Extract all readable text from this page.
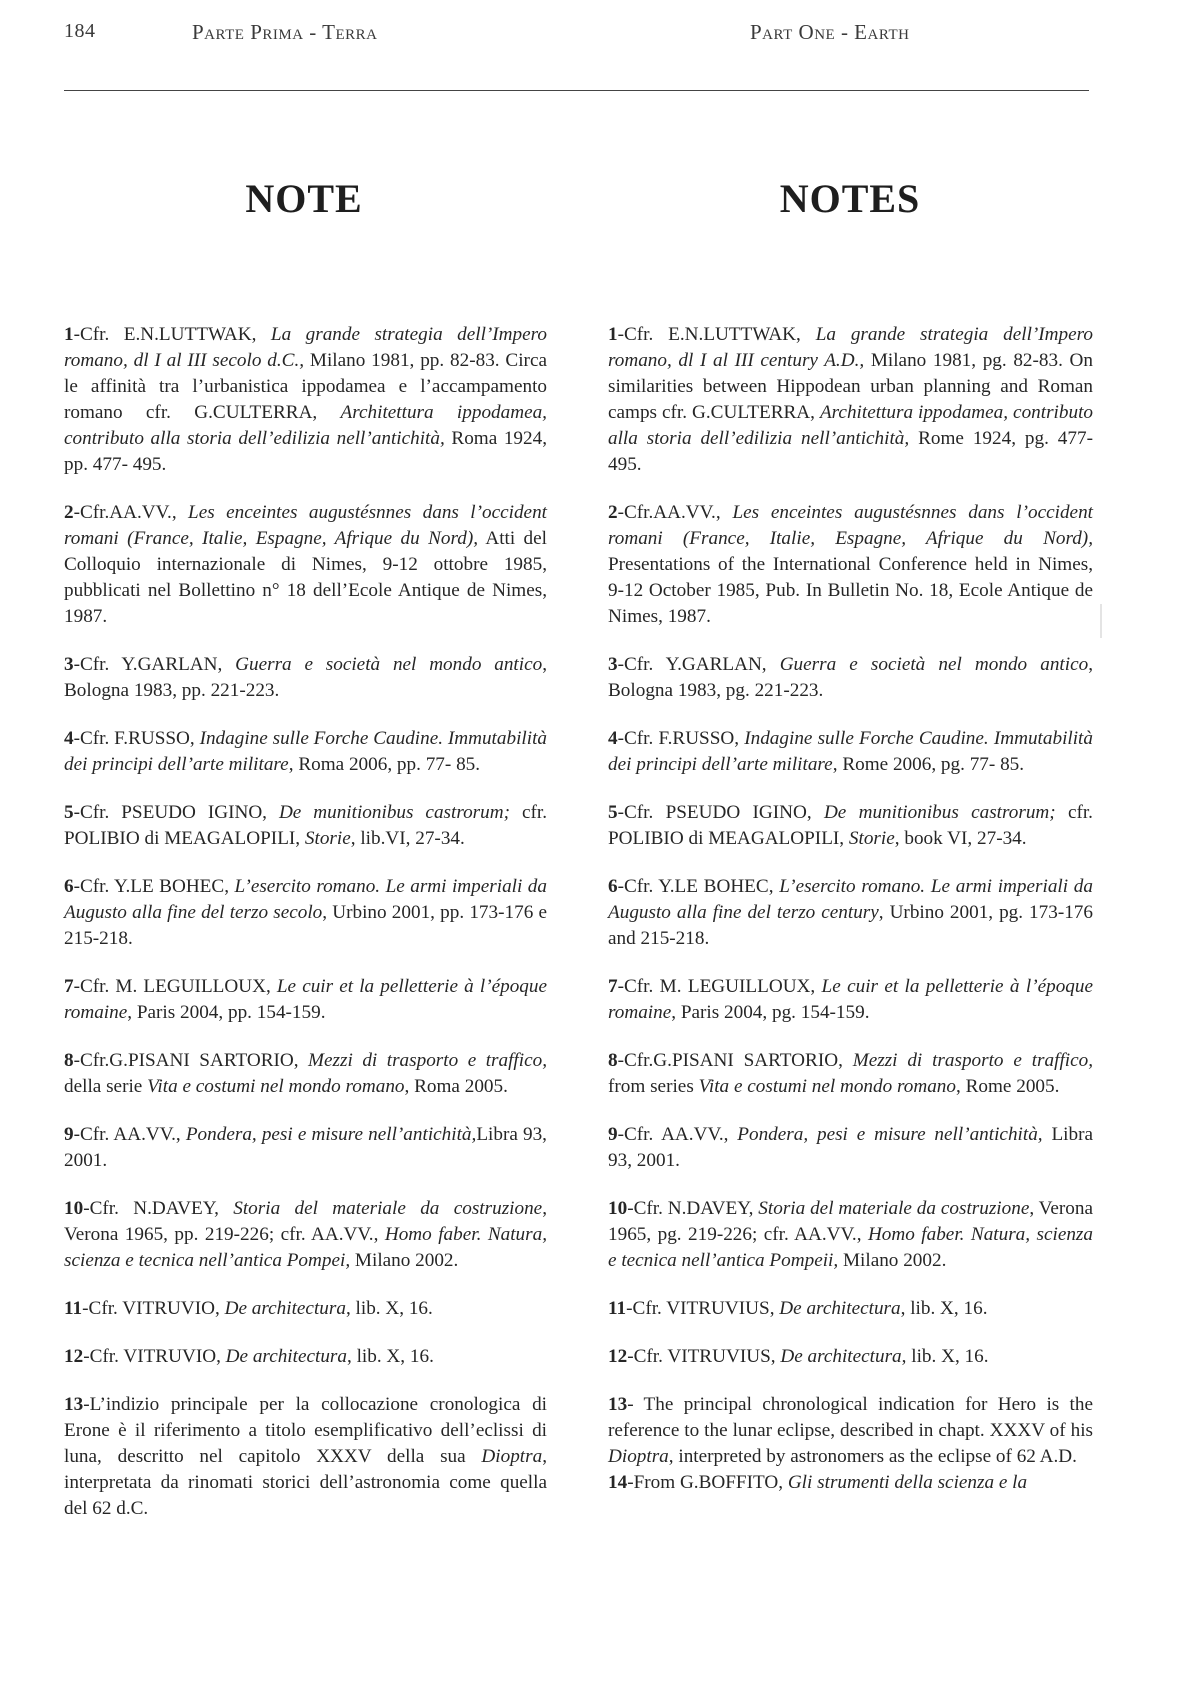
184	Parte Prima - Terra	Part One - Earth
NOTE	NOTES

1-Cfr. E.N.LUTTWAK, La grande strategia dell’Impero romano, dl I al III secolo d.C., Milano 1981, pp. 82-83. Circa le affinità tra l’urbanistica ippodamea e l’accampamento romano cfr. G.CULTERRA, Architettura ippodamea, contributo alla storia dell’edilizia nell’antichità, Roma 1924, pp. 477- 495.

2-Cfr.AA.VV., Les enceintes augustésnnes dans l’occident romani (France, Italie, Espagne, Afrique du Nord), Atti del Colloquio internazionale di Nimes, 9-12 ottobre 1985, pubblicati nel Bollettino n° 18 dell’Ecole Antique de Nimes, 1987.

3-Cfr. Y.GARLAN, Guerra e società nel mondo antico, Bologna 1983, pp. 221-223.

4-Cfr. F.RUSSO, Indagine sulle Forche Caudine. Immutabilità dei principi dell’arte militare, Roma 2006, pp. 77- 85.

5-Cfr. PSEUDO IGINO, De munitionibus castrorum; cfr. POLIBIO di MEAGALOPILI, Storie, lib.VI, 27-34.

6-Cfr. Y.LE BOHEC, L’esercito romano. Le armi imperiali da Augusto alla fine del terzo secolo, Urbino 2001, pp. 173-176 e 215-218.

7-Cfr. M. LEGUILLOUX, Le cuir et la pelletterie à l’époque romaine, Paris 2004, pp. 154-159.

8-Cfr.G.PISANI SARTORIO, Mezzi di trasporto e traffico, della serie Vita e costumi nel mondo romano, Roma 2005.

9-Cfr. AA.VV., Pondera, pesi e misure nell’antichità,Libra 93, 2001.

10-Cfr. N.DAVEY, Storia del materiale da costruzione, Verona 1965, pp. 219-226; cfr. AA.VV., Homo faber. Natura, scienza e tecnica nell’antica Pompei, Milano 2002.

11-Cfr. VITRUVIO, De architectura, lib. X, 16.

12-Cfr. VITRUVIO, De architectura, lib. X, 16.

13-L’indizio principale per la collocazione cronologica di Erone è il riferimento a titolo esemplificativo dell’eclissi di luna, descritto nel capitolo XXXV della sua Dioptra, interpretata da rinomati storici dell’astronomia come quella del 62 d.C.

1-Cfr. E.N.LUTTWAK, La grande strategia dell’Impero romano, dl I al III century A.D., Milano 1981, pg. 82-83. On similarities between Hippodean urban planning and Roman camps cfr. G.CULTERRA, Architettura ippodamea, contributo alla storia dell’edilizia nell’antichità, Rome 1924, pg. 477- 495.

2-Cfr.AA.VV., Les enceintes augustésnnes dans l’occident romani (France, Italie, Espagne, Afrique du Nord), Presentations of the International Conference held in Nimes, 9-12 October 1985, Pub. In Bulletin No. 18, Ecole Antique de Nimes, 1987.

3-Cfr. Y.GARLAN, Guerra e società nel mondo antico, Bologna 1983, pg. 221-223.

4-Cfr. F.RUSSO, Indagine sulle Forche Caudine. Immutabilità dei principi dell’arte militare, Rome 2006, pg. 77- 85.

5-Cfr. PSEUDO IGINO, De munitionibus castrorum; cfr. POLIBIO di MEAGALOPILI, Storie, book VI, 27-34.

6-Cfr. Y.LE BOHEC, L’esercito romano. Le armi imperiali da Augusto alla fine del terzo century, Urbino 2001, pg. 173-176 and 215-218.

7-Cfr. M. LEGUILLOUX, Le cuir et la pelletterie à l’époque romaine, Paris 2004, pg. 154-159.

8-Cfr.G.PISANI SARTORIO, Mezzi di trasporto e traffico, from series Vita e costumi nel mondo romano, Rome 2005.

9-Cfr. AA.VV., Pondera, pesi e misure nell’antichità, Libra 93, 2001.

10-Cfr. N.DAVEY, Storia del materiale da costruzione, Verona 1965, pg. 219-226; cfr. AA.VV., Homo faber. Natura, scienza e tecnica nell’antica Pompeii, Milano 2002.

11-Cfr. VITRUVIUS, De architectura, lib. X, 16.

12-Cfr. VITRUVIUS, De architectura, lib. X, 16.

13- The principal chronological indication for Hero is the reference to the lunar eclipse, described in chapt. XXXV of his Dioptra, interpreted by astronomers as the eclipse of 62 A.D.

14-From G.BOFFITO, Gli strumenti della scienza e la
